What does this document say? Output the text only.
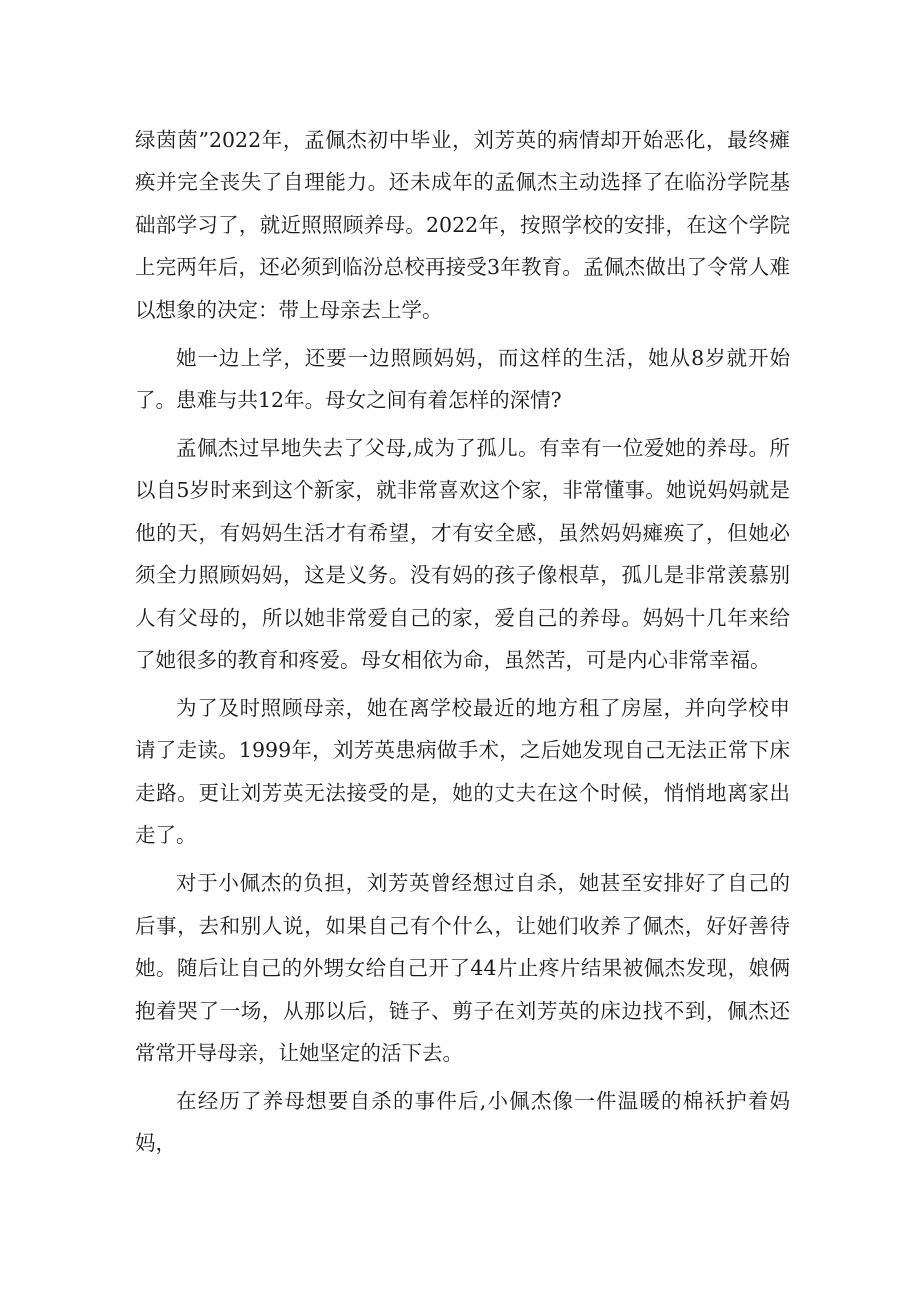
绿茵茵”2022年，孟佩杰初中毕业，刘芳英的病情却开始恶化，最终瘫痪并完全丧失了自理能力。还未成年的孟佩杰主动选择了在临汾学院基础部学习了，就近照照顾养母。2022年，按照学校的安排，在这个学院上完两年后，还必须到临汾总校再接受3年教育。孟佩杰做出了令常人难以想象的决定：带上母亲去上学。

她一边上学，还要一边照顾妈妈，而这样的生活，她从8岁就开始了。患难与共12年。母女之间有着怎样的深情?

孟佩杰过早地失去了父母,成为了孤儿。有幸有一位爱她的养母。所以自5岁时来到这个新家，就非常喜欢这个家，非常懂事。她说妈妈就是他的天，有妈妈生活才有希望，才有安全感，虽然妈妈瘫痪了，但她必须全力照顾妈妈，这是义务。没有妈的孩子像根草，孤儿是非常羡慕别人有父母的，所以她非常爱自己的家，爱自己的养母。妈妈十几年来给了她很多的教育和疼爱。母女相依为命，虽然苦，可是内心非常幸福。

为了及时照顾母亲，她在离学校最近的地方租了房屋，并向学校申请了走读。1999年，刘芳英患病做手术，之后她发现自己无法正常下床走路。更让刘芳英无法接受的是，她的丈夫在这个时候，悄悄地离家出走了。

对于小佩杰的负担，刘芳英曾经想过自杀，她甚至安排好了自己的后事，去和别人说，如果自己有个什么，让她们收养了佩杰，好好善待她。随后让自己的外甥女给自己开了44片止疼片结果被佩杰发现，娘俩抱着哭了一场，从那以后，链子、剪子在刘芳英的床边找不到，佩杰还常常开导母亲，让她坚定的活下去。

在经历了养母想要自杀的事件后,小佩杰像一件温暖的棉袄护着妈妈，
